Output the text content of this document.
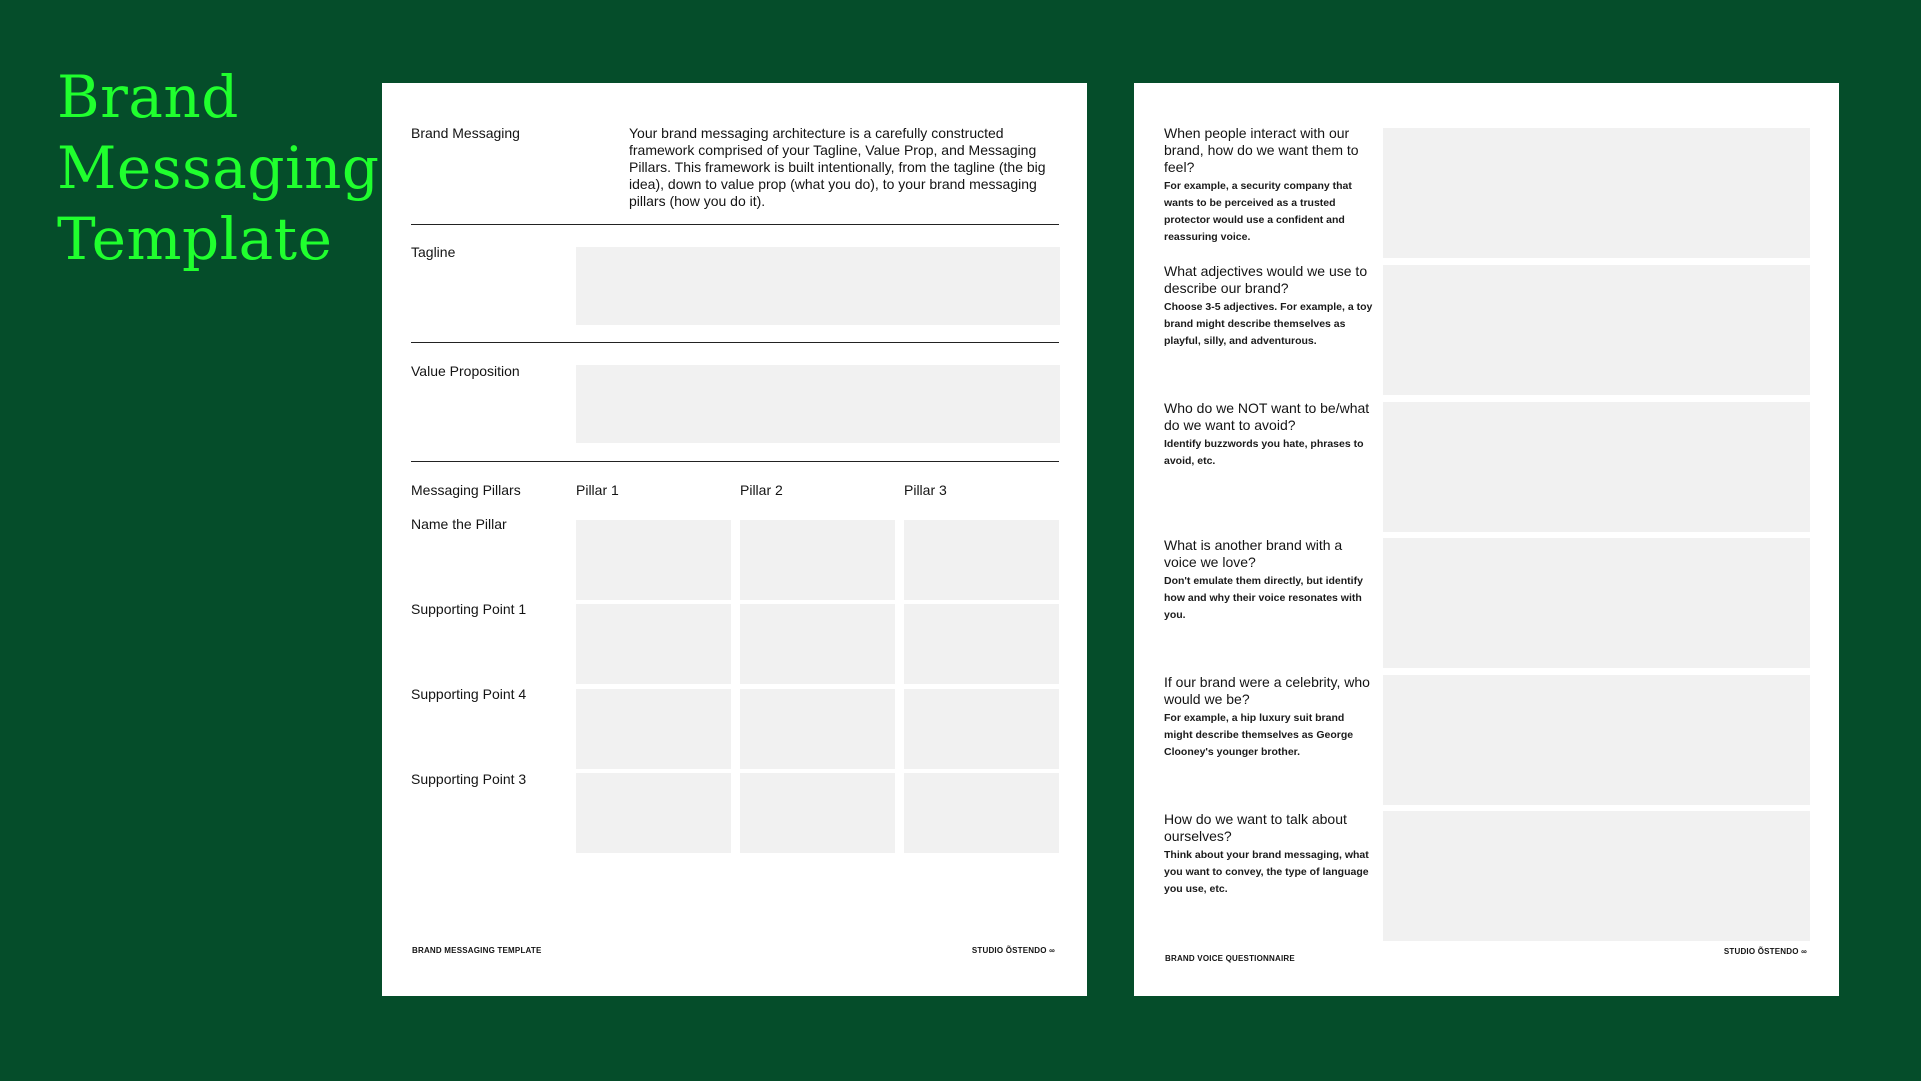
Brand
Messaging
Template
Brand Messaging	Your brand messaging architecture is a carefully constructed framework comprised of your Tagline, Value Prop, and Messaging Pillars. This framework is built intentionally, from the tagline (the big idea), down to value prop (what you do), to your brand messaging pillars (how you do it).
Tagline
Value Proposition
Messaging Pillars	Pillar 1	Pillar 2	Pillar 3
Name the Pillar
Supporting Point 1
Supporting Point 4
Supporting Point 3
BRAND MESSAGING TEMPLATE	STUDIO ÕSTENDO ∞
When people interact with our brand, how do we want them to feel?
For example, a security company that wants to be perceived as a trusted protector would use a confident and reassuring voice.
What adjectives would we use to describe our brand?
Choose 3-5 adjectives. For example, a toy brand might describe themselves as playful, silly, and adventurous.
Who do we NOT want to be/what do we want to avoid?
Identify buzzwords you hate, phrases to avoid, etc.
What is another brand with a voice we love?
Don't emulate them directly, but identify how and why their voice resonates with you.
If our brand were a celebrity, who would we be?
For example, a hip luxury suit brand might describe themselves as George Clooney's younger brother.
How do we want to talk about ourselves?
Think about your brand messaging, what you want to convey, the type of language you use, etc.
BRAND VOICE QUESTIONNAIRE
STUDIO ÕSTENDO ∞
